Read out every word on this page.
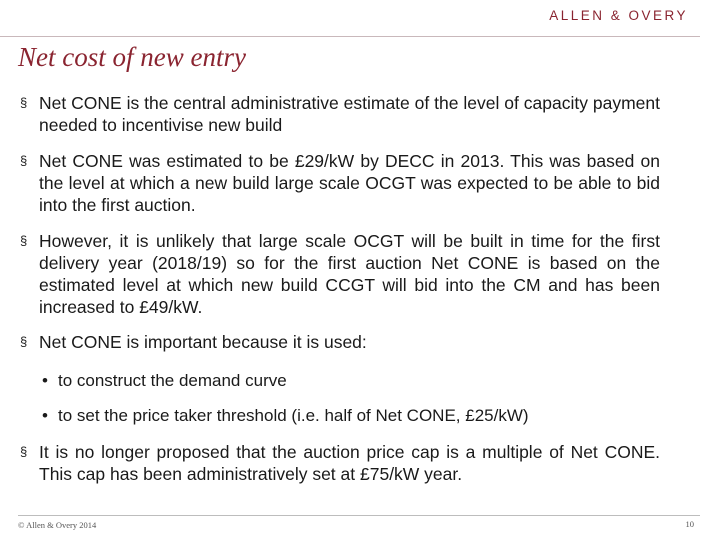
ALLEN & OVERY
Net cost of new entry

§ Net CONE is the central administrative estimate of the level of capacity payment needed to incentivise new build

§ Net CONE was estimated to be £29/kW by DECC in 2013. This was based on the level at which a new build large scale OCGT was expected to be able to bid into the first auction.

§ However, it is unlikely that large scale OCGT will be built in time for the first delivery year (2018/19) so for the first auction Net CONE is based on the estimated level at which new build CCGT will bid into the CM and has been increased to £49/kW.

§ Net CONE is important because it is used:

• to construct the demand curve

• to set the price taker threshold (i.e. half of Net CONE, £25/kW)

§ It is no longer proposed that the auction price cap is a multiple of Net CONE. This cap has been administratively set at £75/kW year.

© Allen & Overy 2014	10
